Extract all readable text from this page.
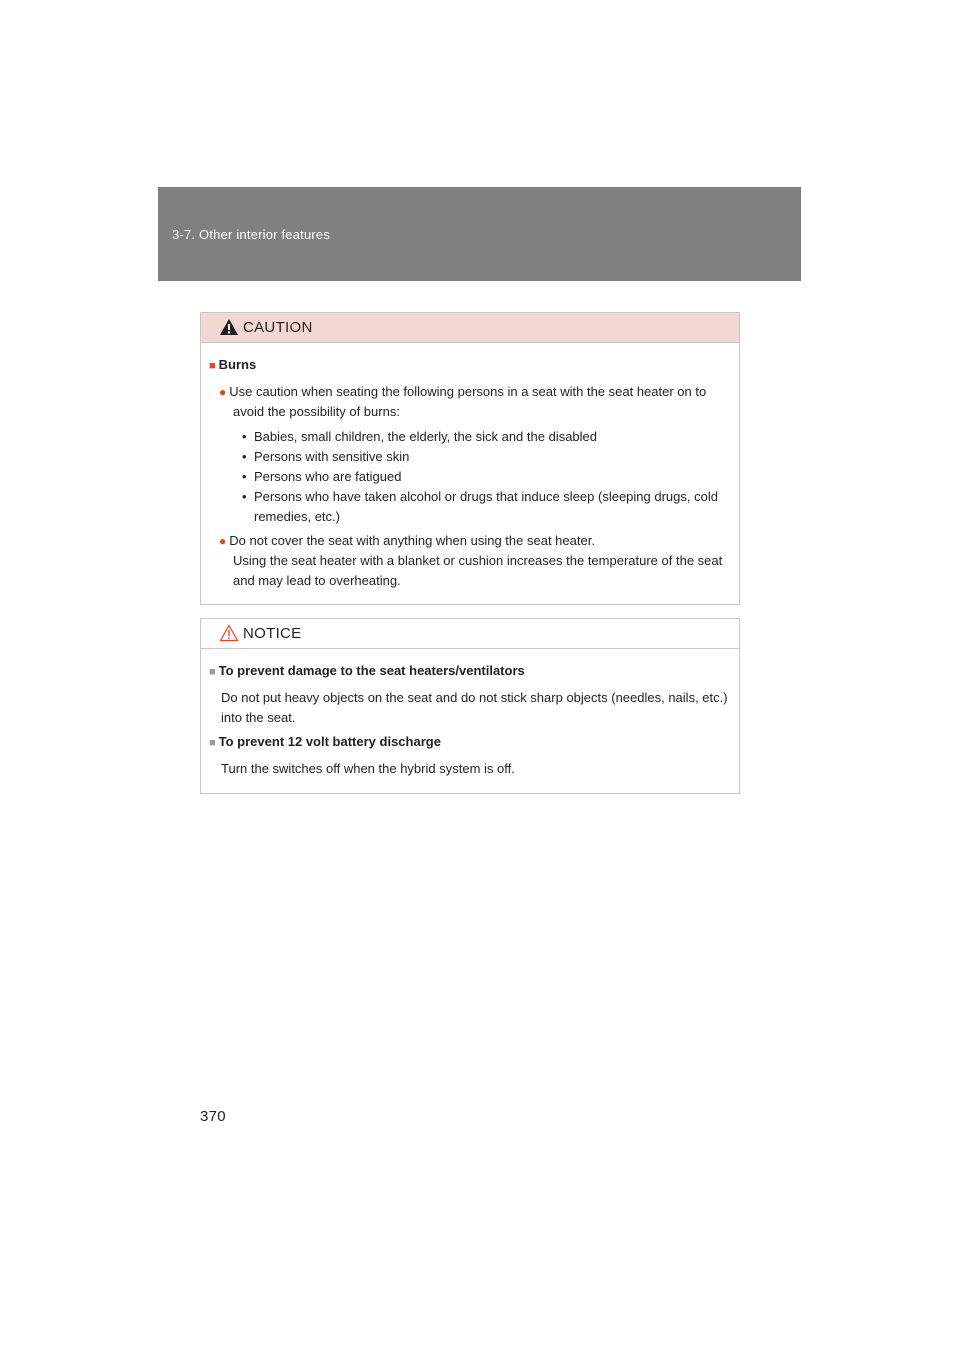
3-7. Other interior features
CAUTION

■ Burns

● Use caution when seating the following persons in a seat with the seat heater on to avoid the possibility of burns:

• Babies, small children, the elderly, the sick and the disabled
• Persons with sensitive skin
• Persons who are fatigued
• Persons who have taken alcohol or drugs that induce sleep (sleeping drugs, cold remedies, etc.)

● Do not cover the seat with anything when using the seat heater.

Using the seat heater with a blanket or cushion increases the temperature of the seat and may lead to overheating.

NOTICE

■ To prevent damage to the seat heaters/ventilators

Do not put heavy objects on the seat and do not stick sharp objects (needles, nails, etc.) into the seat.

■ To prevent 12 volt battery discharge

Turn the switches off when the hybrid system is off.

370
